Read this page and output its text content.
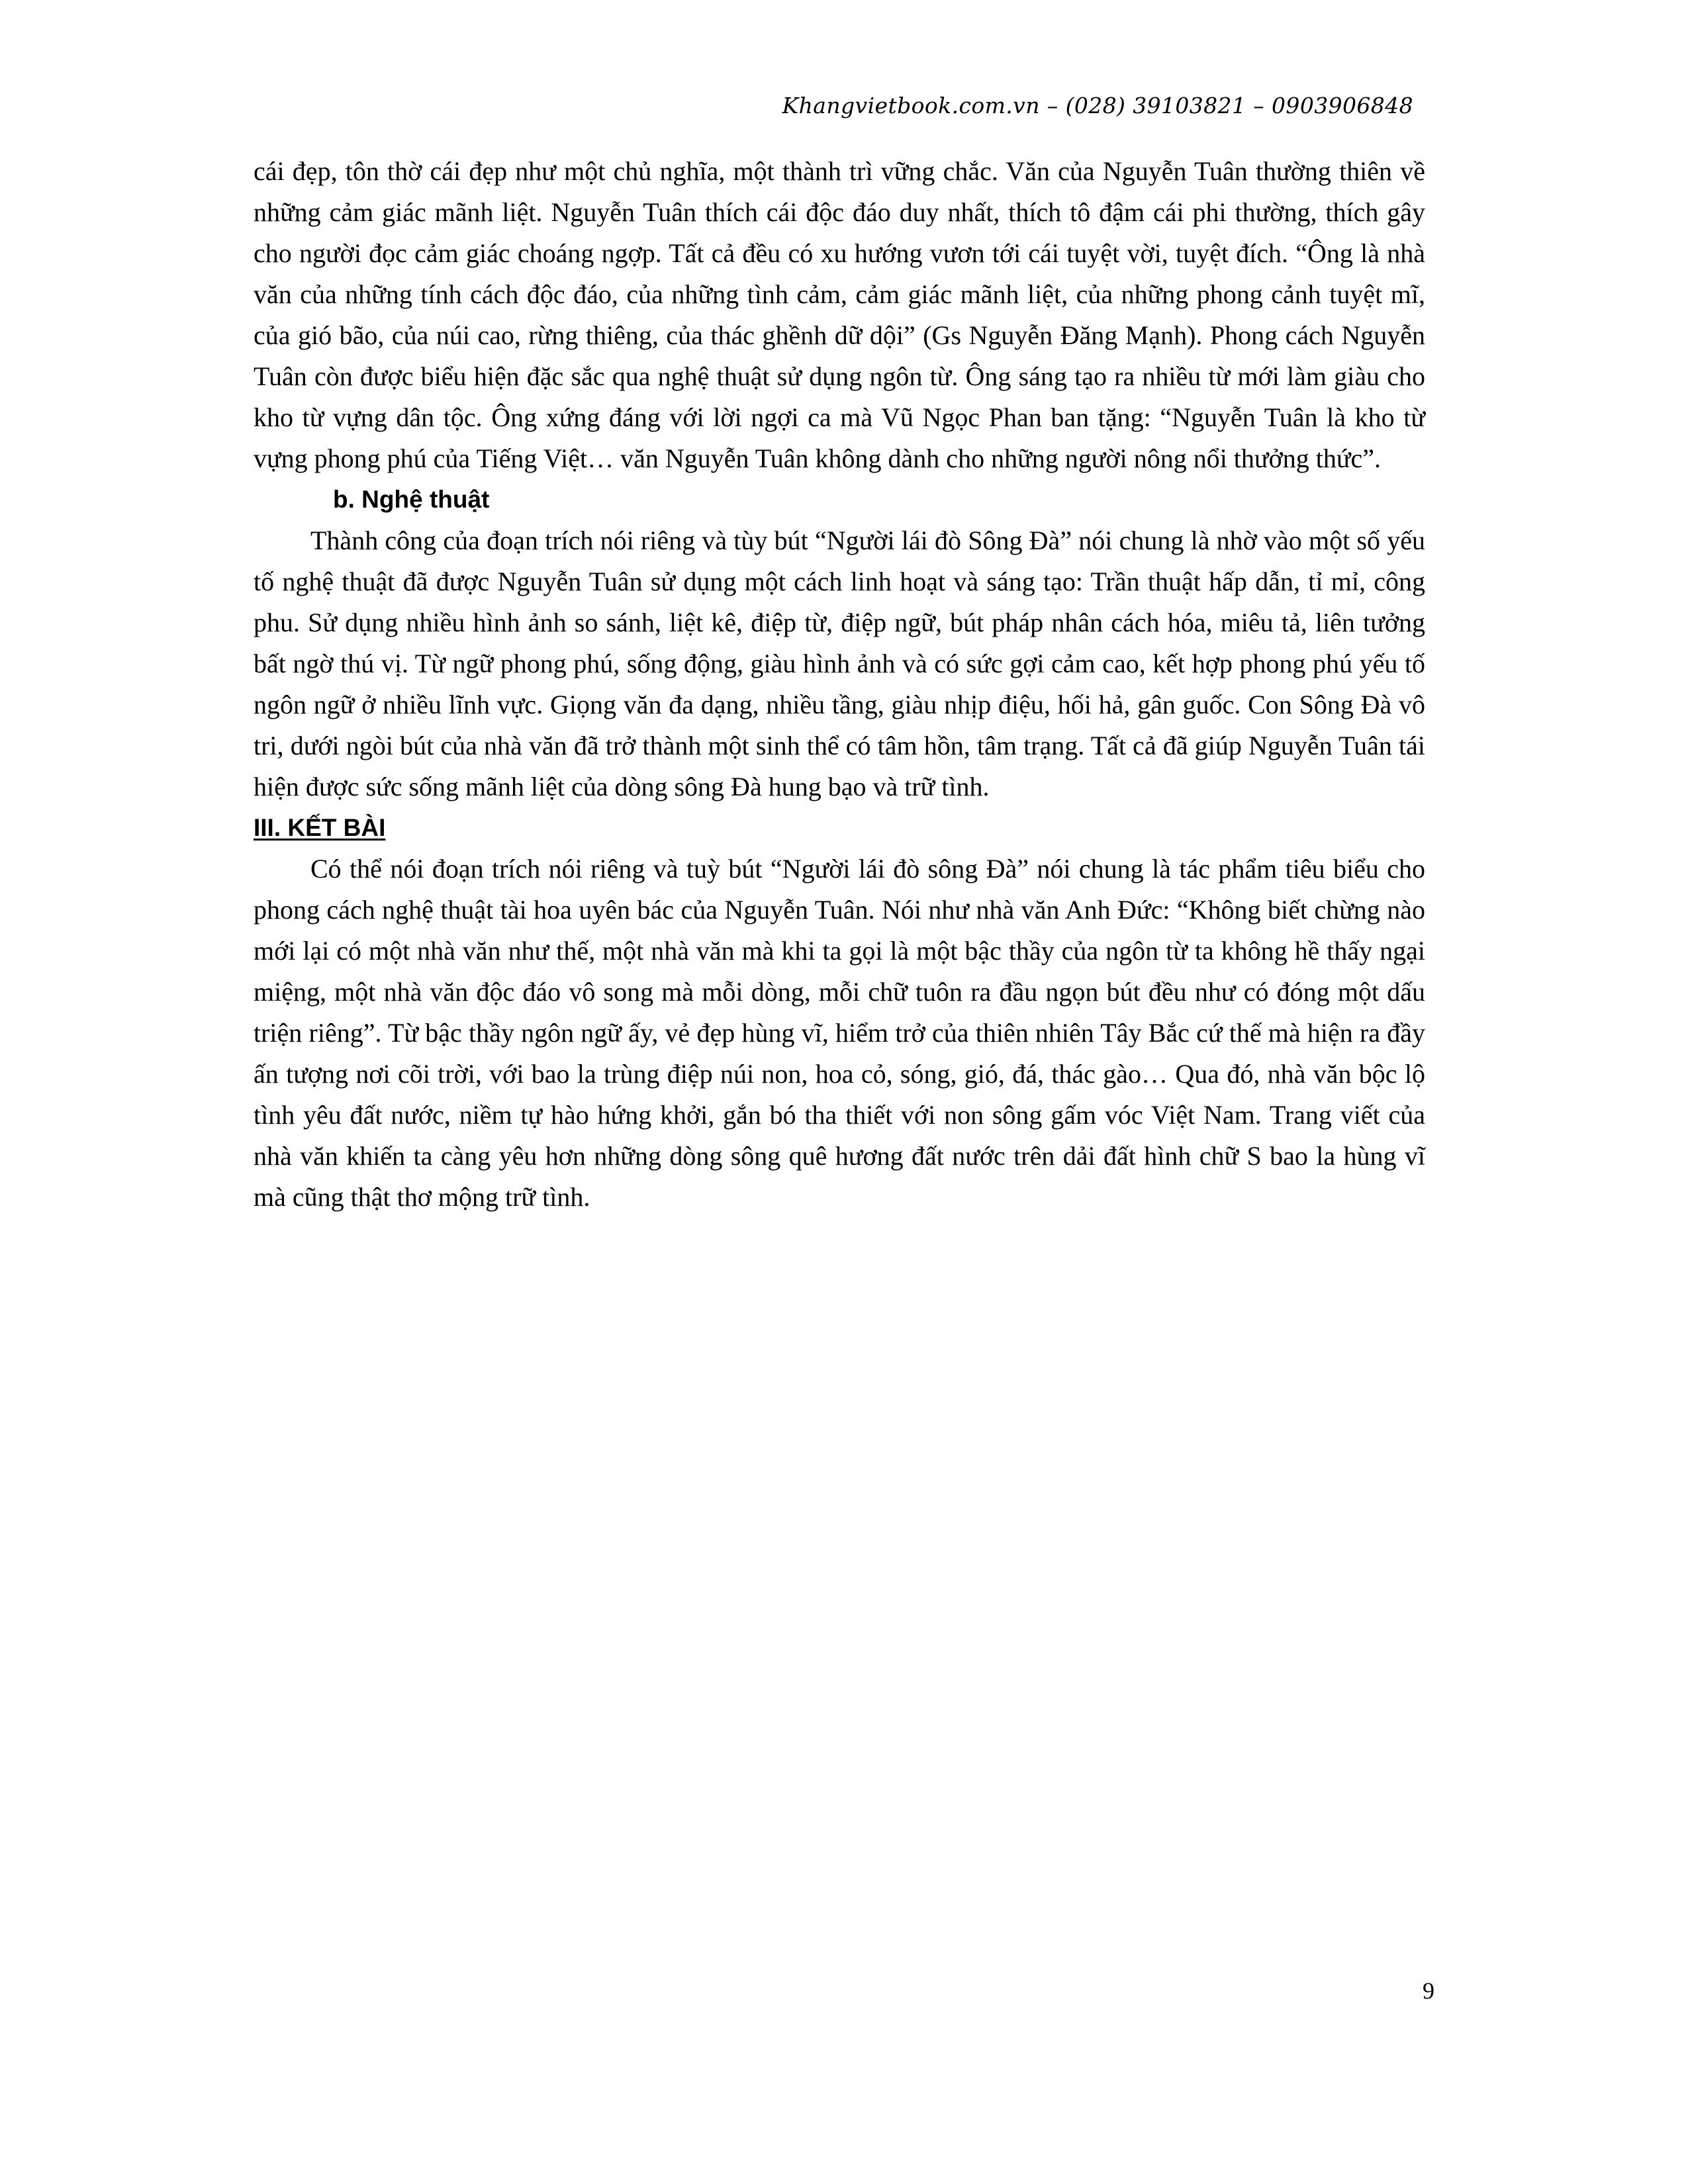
Khangvietbook.com.vn – (028) 39103821 – 0903906848

cái đẹp, tôn thờ cái đẹp như một chủ nghĩa, một thành trì vững chắc. Văn của Nguyễn Tuân thường thiên về những cảm giác mãnh liệt. Nguyễn Tuân thích cái độc đáo duy nhất, thích tô đậm cái phi thường, thích gây cho người đọc cảm giác choáng ngợp. Tất cả đều có xu hướng vươn tới cái tuyệt vời, tuyệt đích. “Ông là nhà văn của những tính cách độc đáo, của những tình cảm, cảm giác mãnh liệt, của những phong cảnh tuyệt mĩ, của gió bão, của núi cao, rừng thiêng, của thác ghềnh dữ dội” (Gs Nguyễn Đăng Mạnh). Phong cách Nguyễn Tuân còn được biểu hiện đặc sắc qua nghệ thuật sử dụng ngôn từ. Ông sáng tạo ra nhiều từ mới làm giàu cho kho từ vựng dân tộc. Ông xứng đáng với lời ngợi ca mà Vũ Ngọc Phan ban tặng: “Nguyễn Tuân là kho từ vựng phong phú của Tiếng Việt… văn Nguyễn Tuân không dành cho những người nông nổi thưởng thức”.

b. Nghệ thuật

Thành công của đoạn trích nói riêng và tùy bút “Người lái đò Sông Đà” nói chung là nhờ vào một số yếu tố nghệ thuật đã được Nguyễn Tuân sử dụng một cách linh hoạt và sáng tạo: Trần thuật hấp dẫn, tỉ mỉ, công phu. Sử dụng nhiều hình ảnh so sánh, liệt kê, điệp từ, điệp ngữ, bút pháp nhân cách hóa, miêu tả, liên tưởng bất ngờ thú vị. Từ ngữ phong phú, sống động, giàu hình ảnh và có sức gợi cảm cao, kết hợp phong phú yếu tố ngôn ngữ ở nhiều lĩnh vực. Giọng văn đa dạng, nhiều tầng, giàu nhịp điệu, hối hả, gân guốc. Con Sông Đà vô tri, dưới ngòi bút của nhà văn đã trở thành một sinh thể có tâm hồn, tâm trạng. Tất cả đã giúp Nguyễn Tuân tái hiện được sức sống mãnh liệt của dòng sông Đà hung bạo và trữ tình.

III. KẾT BÀI

Có thể nói đoạn trích nói riêng và tuỳ bút “Người lái đò sông Đà” nói chung là tác phẩm tiêu biểu cho phong cách nghệ thuật tài hoa uyên bác của Nguyễn Tuân. Nói như nhà văn Anh Đức: “Không biết chừng nào mới lại có một nhà văn như thế, một nhà văn mà khi ta gọi là một bậc thầy của ngôn từ ta không hề thấy ngại miệng, một nhà văn độc đáo vô song mà mỗi dòng, mỗi chữ tuôn ra đầu ngọn bút đều như có đóng một dấu triện riêng”. Từ bậc thầy ngôn ngữ ấy, vẻ đẹp hùng vĩ, hiểm trở của thiên nhiên Tây Bắc cứ thế mà hiện ra đầy ấn tượng nơi cõi trời, với bao la trùng điệp núi non, hoa cỏ, sóng, gió, đá, thác gào… Qua đó, nhà văn bộc lộ tình yêu đất nước, niềm tự hào hứng khởi, gắn bó tha thiết với non sông gấm vóc Việt Nam. Trang viết của nhà văn khiến ta càng yêu hơn những dòng sông quê hương đất nước trên dải đất hình chữ S bao la hùng vĩ mà cũng thật thơ mộng trữ tình.

9
